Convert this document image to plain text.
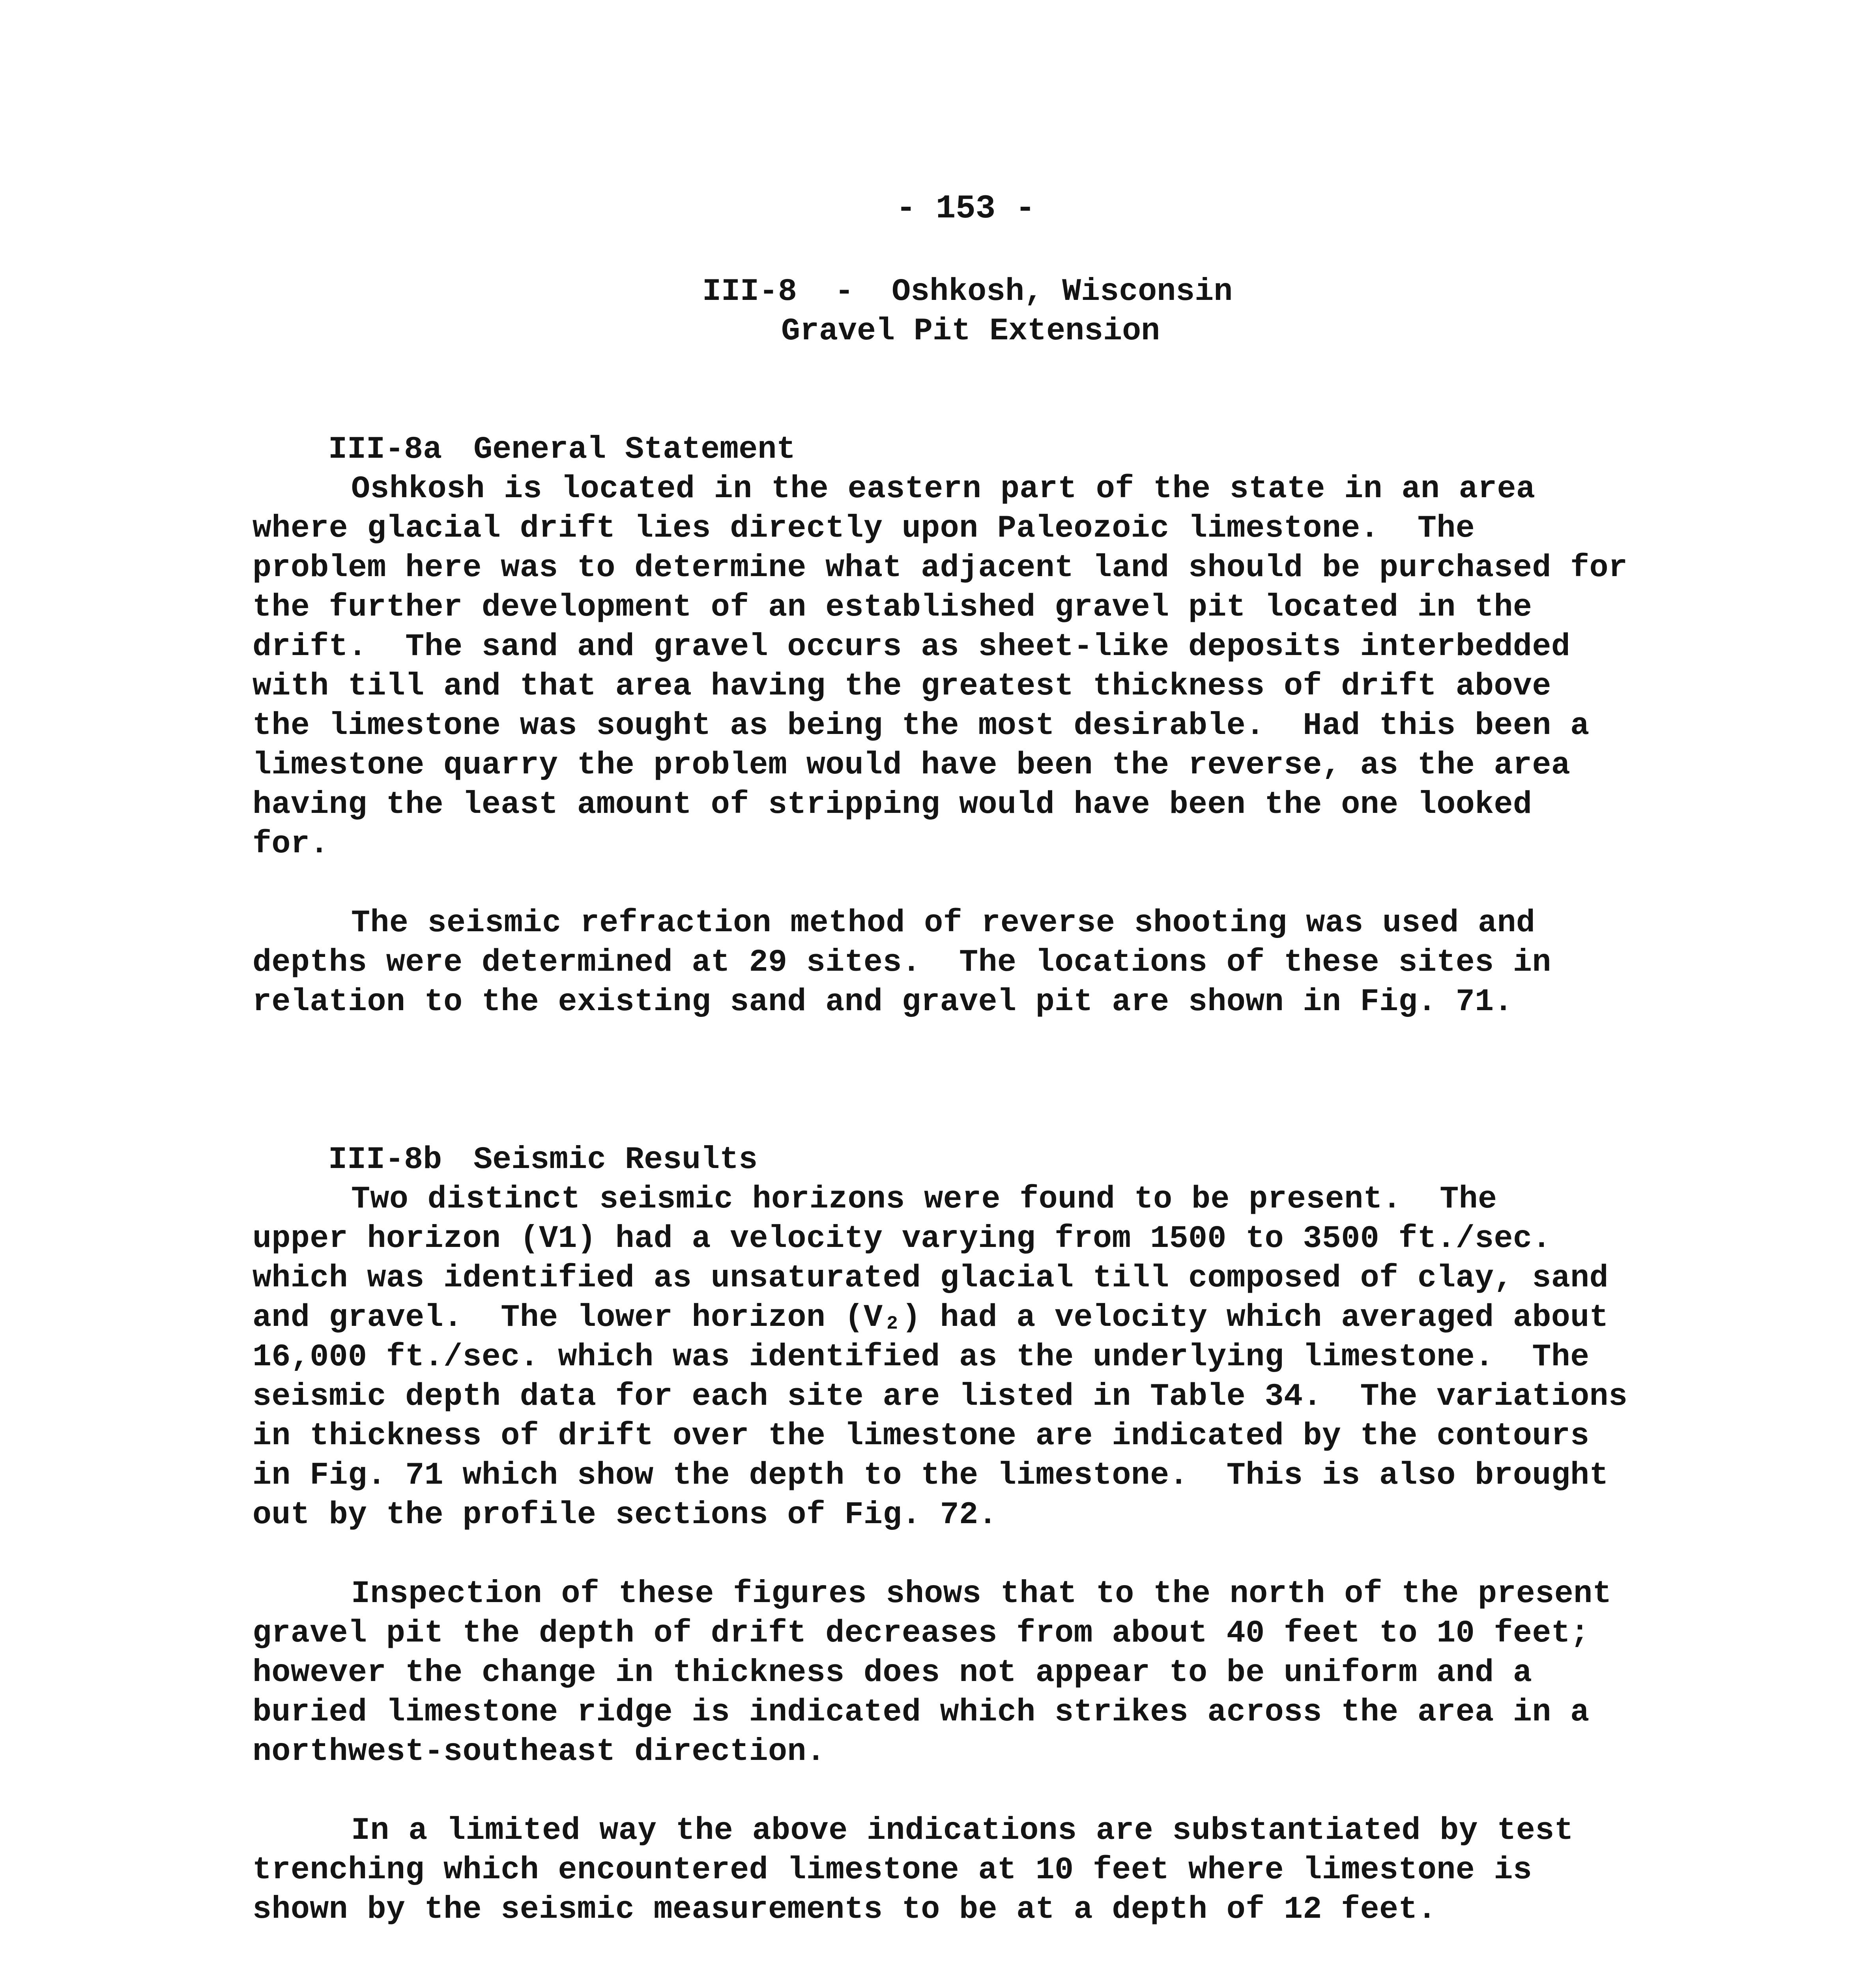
- 153 -
III-8  -  Oshkosh, Wisconsin
Gravel Pit Extension

III-8a General Statement

Oshkosh is located in the eastern part of the state in an area
where glacial drift lies directly upon Paleozoic limestone.  The
problem here was to determine what adjacent land should be purchased for
the further development of an established gravel pit located in the
drift.  The sand and gravel occurs as sheet-like deposits interbedded
with till and that area having the greatest thickness of drift above
the limestone was sought as being the most desirable.  Had this been a
limestone quarry the problem would have been the reverse, as the area
having the least amount of stripping would have been the one looked
for.
The seismic refraction method of reverse shooting was used and
depths were determined at 29 sites.  The locations of these sites in
relation to the existing sand and gravel pit are shown in Fig. 71.

III-8b Seismic Results

Two distinct seismic horizons were found to be present.  The
upper horizon (V1) had a velocity varying from 1500 to 3500 ft./sec.
which was identified as unsaturated glacial till composed of clay, sand
and gravel.  The lower horizon (V₂) had a velocity which averaged about
16,000 ft./sec. which was identified as the underlying limestone.  The
seismic depth data for each site are listed in Table 34.  The variations
in thickness of drift over the limestone are indicated by the contours
in Fig. 71 which show the depth to the limestone.  This is also brought
out by the profile sections of Fig. 72.
Inspection of these figures shows that to the north of the present
gravel pit the depth of drift decreases from about 40 feet to 10 feet;
however the change in thickness does not appear to be uniform and a
buried limestone ridge is indicated which strikes across the area in a
northwest-southeast direction.
In a limited way the above indications are substantiated by test
trenching which encountered limestone at 10 feet where limestone is
shown by the seismic measurements to be at a depth of 12 feet.
